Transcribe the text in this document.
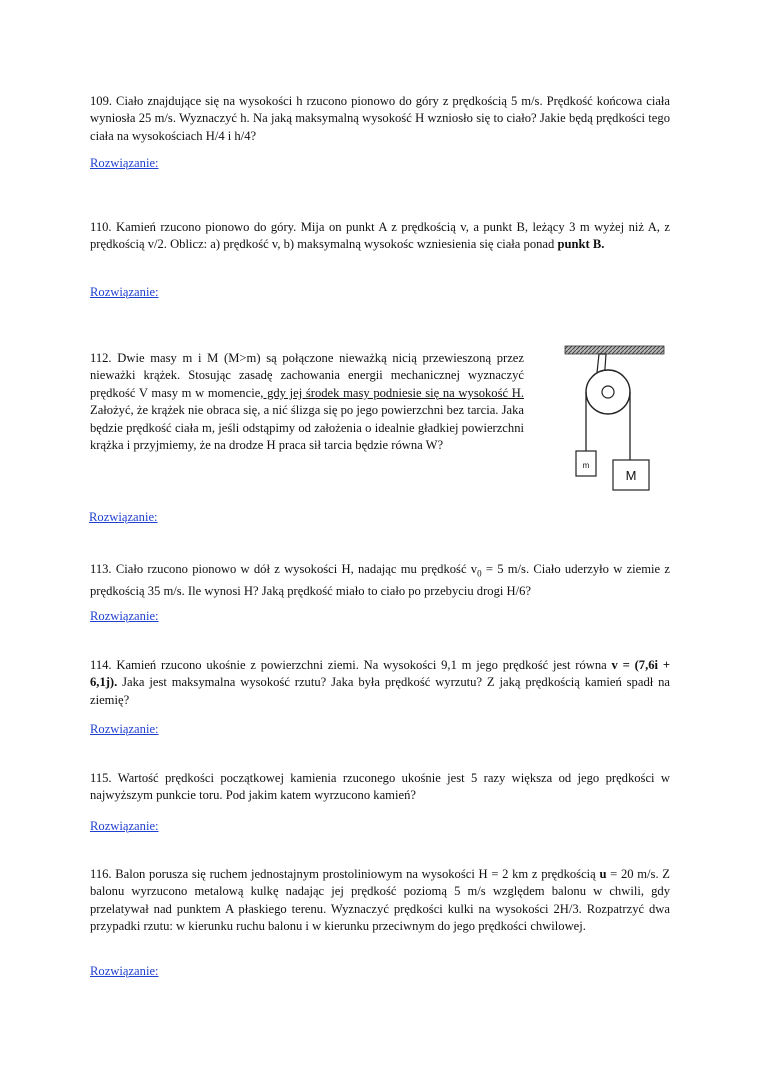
109. Ciało znajdujące się na wysokości h rzucono pionowo do góry z prędkością 5 m/s. Prędkość końcowa ciała wyniosła 25 m/s. Wyznaczyć h. Na jaką maksymalną wysokość H wzniosło się to ciało? Jakie będą prędkości tego ciała na wysokościach H/4 i h/4?

Rozwiązanie:

110. Kamień rzucono pionowo do góry. Mija on punkt A z prędkością v, a punkt B, leżący 3 m wyżej niż A, z prędkością v/2. Oblicz: a) prędkość v, b) maksymalną wysokośc wzniesienia się ciała ponad punkt B.

Rozwiązanie:

112. Dwie masy m i M (M>m) są połączone nieważką nicią przewieszoną przez nieważki krążek. Stosując zasadę zachowania energii mechanicznej wyznaczyć prędkość V masy m w momencie, gdy jej środek masy podniesie się na wysokość H. Założyć, że krążek nie obraca się, a nić ślizga się po jego powierzchni bez tarcia. Jaka będzie prędkość ciała m, jeśli odstąpimy od założenia o idealnie gładkiej powierzchni krążka i przyjmiemy, że na drodze H praca sił tarcia będzie równa W?

m
M
Rozwiązanie:

113. Ciało rzucono pionowo w dół z wysokości H, nadając mu prędkość $v_0 = 5$ m/s. Ciało uderzyło w ziemie z prędkością 35 m/s. Ile wynosi H? Jaką prędkość miało to ciało po przebyciu drogi H/6?

Rozwiązanie:

114. Kamień rzucono ukośnie z powierzchni ziemi. Na wysokości 9,1 m jego prędkość jest równa v = (7,6i + 6,1j). Jaka jest maksymalna wysokość rzutu? Jaka była prędkość wyrzutu? Z jaką prędkością kamień spadł na ziemię?

Rozwiązanie:

115. Wartość prędkości początkowej kamienia rzuconego ukośnie jest 5 razy większa od jego prędkości w najwyższym punkcie toru. Pod jakim katem wyrzucono kamień?

Rozwiązanie:

116. Balon porusza się ruchem jednostajnym prostoliniowym na wysokości H = 2 km z prędkością u = 20 m/s. Z balonu wyrzucono metalową kulkę nadając jej prędkość poziomą 5 m/s względem balonu w chwili, gdy przelatywał nad punktem A płaskiego terenu. Wyznaczyć prędkości kulki na wysokości 2H/3. Rozpatrzyć dwa przypadki rzutu: w kierunku ruchu balonu i w kierunku przeciwnym do jego prędkości chwilowej.

Rozwiązanie:
